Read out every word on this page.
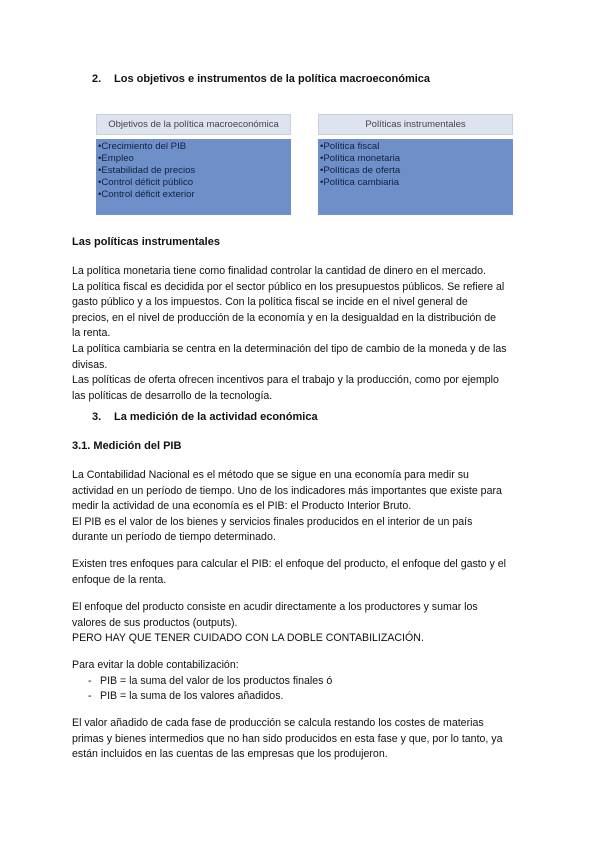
2. Los objetivos e instrumentos de la política macroeconómica
Objetivos de la política macroeconómica
•Crecimiento del PIB
•Empleo
•Estabilidad de precios
•Control déficit público
•Control déficit exterior
Políticas instrumentales
•Política fiscal
•Política monetaria
•Políticas de oferta
•Política cambiaria
Las políticas instrumentales
La política monetaria tiene como finalidad controlar la cantidad de dinero en el mercado.
La política fiscal es decidida por el sector público en los presupuestos públicos. Se refiere al
gasto público y a los impuestos. Con la política fiscal se incide en el nivel general de
precios, en el nivel de producción de la economía y en la desigualdad en la distribución de
la renta.
La política cambiaria se centra en la determinación del tipo de cambio de la moneda y de las
divisas.
Las políticas de oferta ofrecen incentivos para el trabajo y la producción, como por ejemplo
las políticas de desarrollo de la tecnología.
3. La medición de la actividad económica
3.1. Medición del PIB
La Contabilidad Nacional es el método que se sigue en una economía para medir su
actividad en un período de tiempo. Uno de los indicadores más importantes que existe para
medir la actividad de una economía es el PIB: el Producto Interior Bruto.
El PIB es el valor de los bienes y servicios finales producidos en el interior de un país
durante un período de tiempo determinado.
Existen tres enfoques para calcular el PIB: el enfoque del producto, el enfoque del gasto y el
enfoque de la renta.
El enfoque del producto consiste en acudir directamente a los productores y sumar los
valores de sus productos (outputs).
PERO HAY QUE TENER CUIDADO CON LA DOBLE CONTABILIZACIÓN.
Para evitar la doble contabilización:
- PIB = la suma del valor de los productos finales ó
- PIB = la suma de los valores añadidos.
El valor añadido de cada fase de producción se calcula restando los costes de materias
primas y bienes intermedios que no han sido producidos en esta fase y que, por lo tanto, ya
están incluidos en las cuentas de las empresas que los produjeron.
